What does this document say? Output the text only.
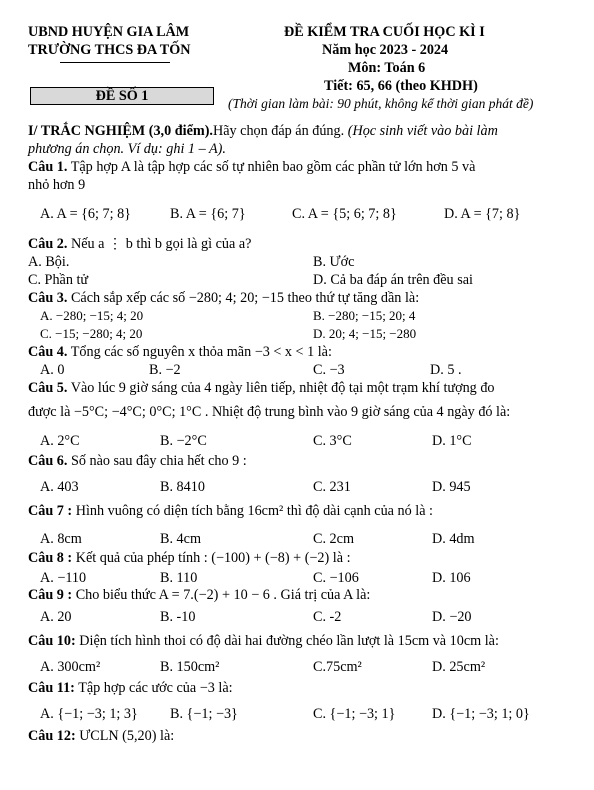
UBND HUYỆN GIA LÂM
TRƯỜNG THCS ĐA TỐN
ĐỀ KIỂM TRA CUỐI HỌC KÌ I
Năm học 2023 - 2024
Môn: Toán 6
Tiết: 65, 66 (theo KHDH)
(Thời gian làm bài: 90 phút, không kể thời gian phát đề)
ĐỀ SỐ 1
I/ TRẮC NGHIỆM (3,0 điểm).Hãy chọn đáp án đúng. (Học sinh viết vào bài làm
phương án chọn. Ví dụ: ghi 1 – A).
Câu 1. Tập hợp A là tập hợp các số tự nhiên bao gồm các phần tử lớn hơn 5 và
nhỏ hơn 9
A. A = {6; 7; 8}	B. A = {6; 7}	C. A = {5; 6; 7; 8}	D. A = {7; 8}
Câu 2. Nếu a ⋮ b thì b gọi là gì của a?
A. Bội.	B. Ước
C. Phần tử	D. Cả ba đáp án trên đều sai
Câu 3. Cách sắp xếp các số −280; 4; 20; −15 theo thứ tự tăng dần là:
A. −280; −15; 4; 20	B. −280; −15; 20; 4
C. −15; −280; 4; 20	D. 20; 4; −15; −280
Câu 4. Tổng các số nguyên x thỏa mãn −3 < x < 1 là:
A. 0	B. −2	C. −3	D. 5 .
Câu 5. Vào lúc 9 giờ sáng của 4 ngày liên tiếp, nhiệt độ tại một trạm khí tượng đo
được là −5°C; −4°C; 0°C; 1°C . Nhiệt độ trung bình vào 9 giờ sáng của 4 ngày đó là:
A. 2°C	B. −2°C	C. 3°C	D. 1°C
Câu 6. Số nào sau đây chia hết cho 9 :
A. 403	B. 8410	C. 231	D. 945
Câu 7 : Hình vuông có diện tích bằng 16cm² thì độ dài cạnh của nó là :
A. 8cm	B. 4cm	C. 2cm	D. 4dm
Câu 8 : Kết quả của phép tính : (−100) + (−8) + (−2) là :
A. −110	B. 110	C. −106	D. 106
Câu 9 : Cho biểu thức A = 7.(−2) + 10 − 6 . Giá trị của A là:
A. 20	B. -10	C. -2	D. −20
Câu 10: Diện tích hình thoi có độ dài hai đường chéo lần lượt là 15cm và 10cm là:
A. 300cm²	B. 150cm²	C.75cm²	D. 25cm²
Câu 11: Tập hợp các ước của −3 là:
A. {−1; −3; 1; 3} B. {−1; −3}	C. {−1; −3; 1}	D. {−1; −3; 1; 0}
Câu 12: ƯCLN (5,20) là:
